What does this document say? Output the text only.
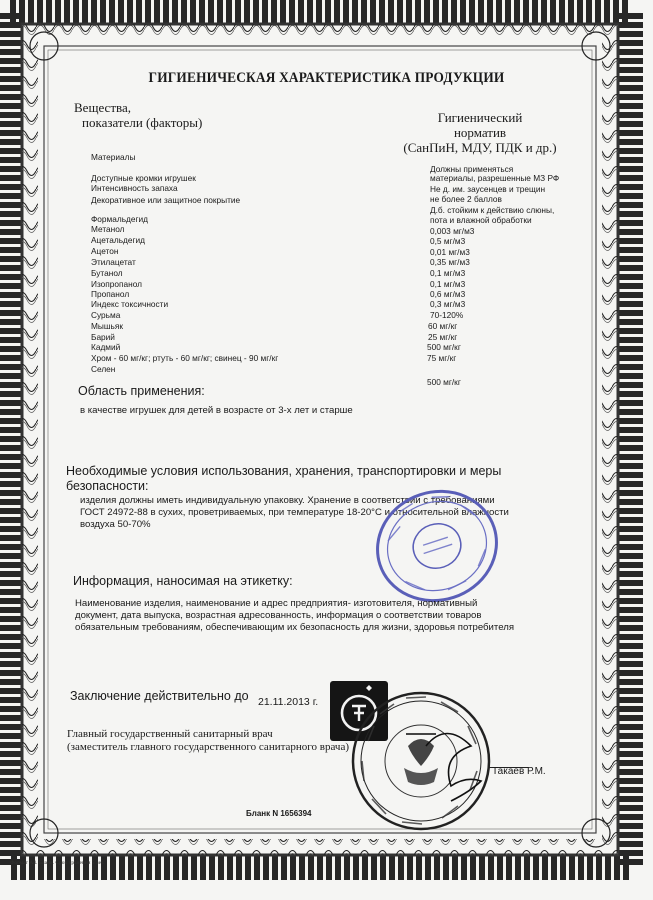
ГИГИЕНИЧЕСКАЯ ХАРАКТЕРИСТИКА ПРОДУКЦИИ
Вещества,
показатели (факторы)	Гигиенический
норматив
(СанПиН, МДУ, ПДК и др.)
Материалы
Доступные кромки игрушек
Интенсивность запаха
Декоративное или защитное покрытие
Формальдегид
Метанол
Ацетальдегид
Ацетон
Этилацетат
Бутанол
Изопропанол
Пропанол
Индекс токсичности
Сурьма
Мышьяк
Барий
Кадмий
Хром - 60 мг/кг; ртуть - 60 мг/кг; свинец - 90 мг/кг
Селен
Должны применяться
материалы, разрешенные МЗ РФ
Не д. им. заусенцев и трещин
не более 2 баллов
Д.б. стойким к действию слюны,
пота и влажной обработки
0,003 мг/м3
0,5 мг/м3
0,01 мг/м3
0,35 мг/м3
0,1 мг/м3
0,1 мг/м3
0,6 мг/м3
0,3 мг/м3
70-120%
60 мг/кг
25 мг/кг
500 мг/кг
75 мг/кг
500 мг/кг
Область применения:
в качестве игрушек для детей в возрасте от 3-х лет и старше
Необходимые условия использования, хранения, транспортировки и меры
безопасности:
изделия должны иметь индивидуальную упаковку. Хранение в соответствии с требованиями
ГОСТ 24972-88 в сухих, проветриваемых, при температуре 18-20°С и относительной влажности
воздуха 50-70%
Информация, наносимая на этикетку:
Наименование изделия, наименование и адрес предприятия- изготовителя, нормативный
документ, дата выпуска, возрастная адресованность, информация о соответствии товаров
обязательным требованиям, обеспечивающим их безопасность для жизни, здоровья потребителя
Заключение действительно до 21.11.2013 г.
Главный государственный санитарный врач
(заместитель главного государственного санитарного врача)
Такаев Р.М.
Бланк N 1656394
Формат А4. Бланк. Срок хранения 5 лет.
